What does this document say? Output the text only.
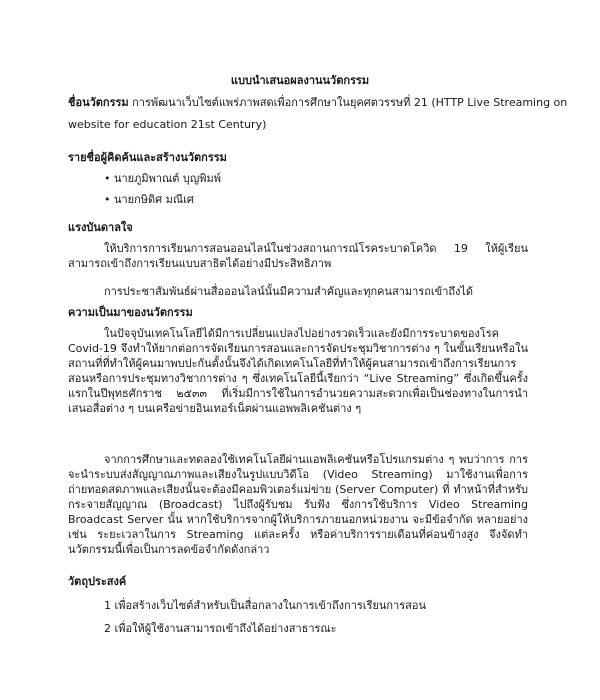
แบบนำเสนอผลงานนวัตกรรม
ชื่อนวัตกรรม การพัฒนาเว็บไซต์แพร่ภาพสดเพื่อการศึกษาในยุคศตวรรษที่ 21 (HTTP Live Streaming on
website for education 21st Century)
รายชื่อผู้คิดค้นและสร้างนวัตกรรม
• นายภูมิพาณต์ บุญพิมพ์
• นายกษิดิศ มณีเศ
แรงบันดาลใจ

ให้บริการการเรียนการสอนออนไลน์ในช่วงสถานการณ์โรคระบาดโควิด 19 ให้ผู้เรียนสามารถเข้าถึงการเรียนแบบสาธิตได้อย่างมีประสิทธิภาพ

การประชาสัมพันธ์ผ่านสื่อออนไลน์นั้นมีความสำคัญและทุกคนสามารถเข้าถึงได้
ความเป็นมาของนวัตกรรม

ในปัจจุบันเทคโนโลยีได้มีการเปลี่ยนแปลงไปอย่างรวดเร็วและยังมีการระบาดของโรค Covid-19 จึงทำให้ยากต่อการจัดเรียนการสอนและการจัดประชุมวิชาการต่าง ๆ ในขั้นเรียนหรือในสถานที่ที่ทำให้ผู้คนมาพบปะกันตั้งนั้นจึงได้เกิดเทคโนโลยีที่ทำให้ผู้คนสามารถเข้าถึงการเรียนการสอนหรือการประชุมทางวิชาการต่าง ๆ ซึ่งเทคโนโลยีนี้เรียกว่า “Live Streaming” ซึ่งเกิดขึ้นครั้งแรกในปีพุทธศักราช ๒๕๓๓ ที่เริ่มมีการใช้ในการอำนวยความสะดวกเพื่อเป็นช่องทางในการนำเสนอสื่อต่าง ๆ บนเครือข่ายอินเทอร์เน็ตผ่านแอพพลิเคชันต่าง ๆ

จากการศึกษาและทดลองใช้เทคโนโลยีผ่านแอพลิเคชันหรือโปรแกรมต่าง ๆ พบว่าการ การจะนำระบบส่งสัญญาณภาพและเสียงในรูปแบบวิดีโอ (Video Streaming) มาใช้งานเพื่อการถ่ายทอดสดภาพและเสียงนั้นจะต้องมีคอมพิวเตอร์แม่ข่าย (Server Computer) ที่ ทำหน้าที่สำหรับกระจายสัญญาณ (Broadcast) ไปถึงผู้รับชม รับฟัง ซึ่งการใช้บริการ Video Streaming Broadcast Server นั้น หากใช้บริการจากผู้ให้บริการภายนอกหน่วยงาน จะมีข้อจำกัด หลายอย่าง เช่น ระยะเวลาในการ Streaming แต่ละครั้ง หรือค่าบริการรายเดือนที่ค่อนข้างสูง จึงจัดทำนวัตกรรมนี้เพื่อเป็นการลดข้อจำกัดดังกล่าว

วัตถุประสงค์
1 เพื่อสร้างเว็บไซต์สำหรับเป็นสื่อกลางในการเข้าถึงการเรียนการสอน
2 เพื่อให้ผู้ใช้งานสามารถเข้าถึงได้อย่างสาธารณะ
